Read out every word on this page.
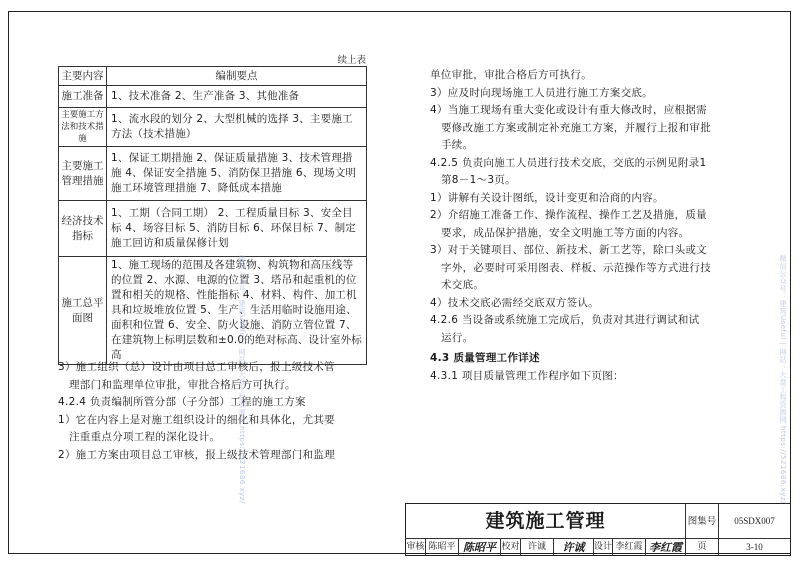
续上表
主要内容	编制要点
施工准备	1、技术准备 2、生产准备 3、其他准备
主要施工方法和技术措施	1、流水段的划分 2、大型机械的选择 3、主要施工方法（技术措施）
主要施工管理措施	1、保证工期措施 2、保证质量措施 3、技术管理措施 4、保证安全措施 5、消防保卫措施 6、现场文明施工环境管理措施 7、降低成本措施
经济技术指标	1、工期（合同工期） 2、工程质量目标 3、安全目标 4、场容目标 5、消防目标 6、环保目标 7、制定施工回访和质量保修计划
施工总平面图	1、施工现场的范围及各建筑物、构筑物和高压线等的位置 2、水源、电源的位置 3、塔吊和起重机的位置和相关的规格、性能指标 4、材料、构件、加工机具和垃圾堆放位置 5、生产、生活用临时设施用途、面积和位置 6、安全、防火设施、消防立管位置 7、在建筑物上标明层数和±0.0的绝对标高、设计室外标高
3）施工组织（总）设计由项目总工审核后，报上级技术管
理部门和监理单位审批，审批合格后方可执行。
4.2.4 负责编制所管分部（子分部）工程的施工方案
1）它在内容上是对施工组织设计的细化和具体化，尤其要
注重重点分项工程的深化设计。
2）施工方案由项目总工审核，报上级技术管理部门和监理
单位审批，审批合格后方可执行。
3）应及时向现场施工人员进行施工方案交底。
4）当施工现场有重大变化或设计有重大修改时，应根据需
要修改施工方案或制定补充施工方案，并履行上报和审批
手续。
4.2.5 负责向施工人员进行技术交底，交底的示例见附录1
第8－1～3页。
1）讲解有关设计图纸，设计变更和洽商的内容。
2）介绍施工准备工作、操作流程、操作工艺及措施，质量
要求，成品保护措施，安全文明施工等方面的内容。
3）对于关键项目、部位、新技术、新工艺等，除口头或文
字外，必要时可采用图表、样板、示范操作等方式进行技
术交底。
4）技术交底必需经交底双方签认。
4.2.6 当设备或系统施工完成后，负责对其进行调试和试
运行。
4.3 质量管理工作详述
4.3.1 项目质量管理工作程序如下页图：
建筑施工管理	图集号	05SDX007
审核 陈昭平 陈昭平 校对 许诚	许诚	设计 李红霞 李红霞	页	3-10
微信公众号：建筑Useful | 网站：大盘工程资源网 https://521686.xyz/	微信公众号：建筑Useful | 网站：大盘工程资源网 https://521686.xyz/
